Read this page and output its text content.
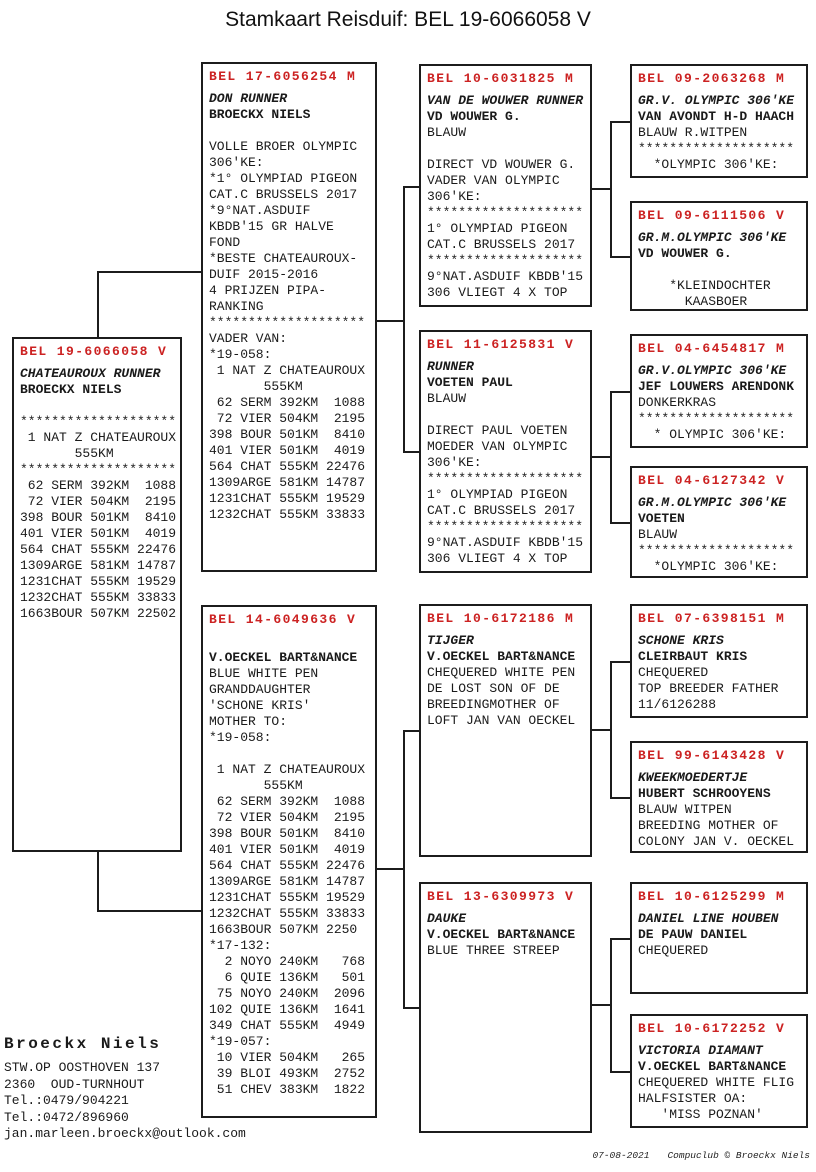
Stamkaart Reisduif: BEL 19-6066058 V
BEL 19-6066058 V
CHATEAUROUX RUNNER
BROECKX NIELS
********************
1 NAT Z CHATEAUROUX
555KM
********************
62 SERM 392KM  1088
72 VIER 504KM  2195
398 BOUR 501KM  8410
401 VIER 501KM  4019
564 CHAT 555KM 22476
1309ARGE 581KM 14787
1231CHAT 555KM 19529
1232CHAT 555KM 33833
1663BOUR 507KM 22502
BEL 17-6056254 M
DON RUNNER
BROECKX NIELS
VOLLE BROER OLYMPIC
306'KE:
*1° OLYMPIAD PIGEON
CAT.C BRUSSELS 2017
*9°NAT.ASDUIF
KBDB'15 GR HALVE
FOND
*BESTE CHATEAUROUX-
DUIF 2015-2016
4 PRIJZEN PIPA-
RANKING
********************
VADER VAN:
*19-058:
1 NAT Z CHATEAUROUX
555KM
62 SERM 392KM  1088
72 VIER 504KM  2195
398 BOUR 501KM  8410
401 VIER 501KM  4019
564 CHAT 555KM 22476
1309ARGE 581KM 14787
1231CHAT 555KM 19529
1232CHAT 555KM 33833
BEL 14-6049636 V
V.OECKEL BART&NANCE
BLUE WHITE PEN
GRANDDAUGHTER
'SCHONE KRIS'
MOTHER TO:
*19-058:
1 NAT Z CHATEAUROUX
555KM
62 SERM 392KM  1088
72 VIER 504KM  2195
398 BOUR 501KM  8410
401 VIER 501KM  4019
564 CHAT 555KM 22476
1309ARGE 581KM 14787
1231CHAT 555KM 19529
1232CHAT 555KM 33833
1663BOUR 507KM 2250
*17-132:
2 NOYO 240KM   768
6 QUIE 136KM   501
75 NOYO 240KM  2096
102 QUIE 136KM  1641
349 CHAT 555KM  4949
*19-057:
10 VIER 504KM   265
39 BLOI 493KM  2752
51 CHEV 383KM  1822
BEL 10-6031825 M
VAN DE WOUWER RUNNER
VD WOUWER G.
BLAUW
DIRECT VD WOUWER G.
VADER VAN OLYMPIC
306'KE:
********************
1° OLYMPIAD PIGEON
CAT.C BRUSSELS 2017
********************
9°NAT.ASDUIF KBDB'15
306 VLIEGT 4 X TOP
BEL 11-6125831 V
RUNNER
VOETEN PAUL
BLAUW
DIRECT PAUL VOETEN
MOEDER VAN OLYMPIC
306'KE:
********************
1° OLYMPIAD PIGEON
CAT.C BRUSSELS 2017
********************
9°NAT.ASDUIF KBDB'15
306 VLIEGT 4 X TOP
BEL 10-6172186 M
TIJGER
V.OECKEL BART&NANCE
CHEQUERED WHITE PEN
DE LOST SON OF DE
BREEDINGMOTHER OF
LOFT JAN VAN OECKEL
BEL 13-6309973 V
DAUKE
V.OECKEL BART&NANCE
BLUE THREE STREEP
BEL 09-2063268 M
GR.V. OLYMPIC 306'KE
VAN AVONDT H-D HAACH
BLAUW R.WITPEN
********************
*OLYMPIC 306'KE:
BEL 09-6111506 V
GR.M.OLYMPIC 306'KE
VD WOUWER G.
*KLEINDOCHTER
KAASBOER
BEL 04-6454817 M
GR.V.OLYMPIC 306'KE
JEF LOUWERS ARENDONK
DONKERKRAS
********************
* OLYMPIC 306'KE:
BEL 04-6127342 V
GR.M.OLYMPIC 306'KE
VOETEN
BLAUW
********************
*OLYMPIC 306'KE:
BEL 07-6398151 M
SCHONE KRIS
CLEIRBAUT KRIS
CHEQUERED
TOP BREEDER FATHER
11/6126288
BEL 99-6143428 V
KWEEKMOEDERTJE
HUBERT SCHROOYENS
BLAUW WITPEN
BREEDING MOTHER OF
COLONY JAN V. OECKEL
BEL 10-6125299 M
DANIEL LINE HOUBEN
DE PAUW DANIEL
CHEQUERED
BEL 10-6172252 V
VICTORIA DIAMANT
V.OECKEL BART&NANCE
CHEQUERED WHITE FLIG
HALFSISTER OA:
'MISS POZNAN'
Broeckx Niels
STW.OP OOSTHOVEN 137
2360  OUD-TURNHOUT
Tel.:0479/904221
Tel.:0472/896960
jan.marleen.broeckx@outlook.com

07-08-2021 Compuclub © Broeckx Niels
